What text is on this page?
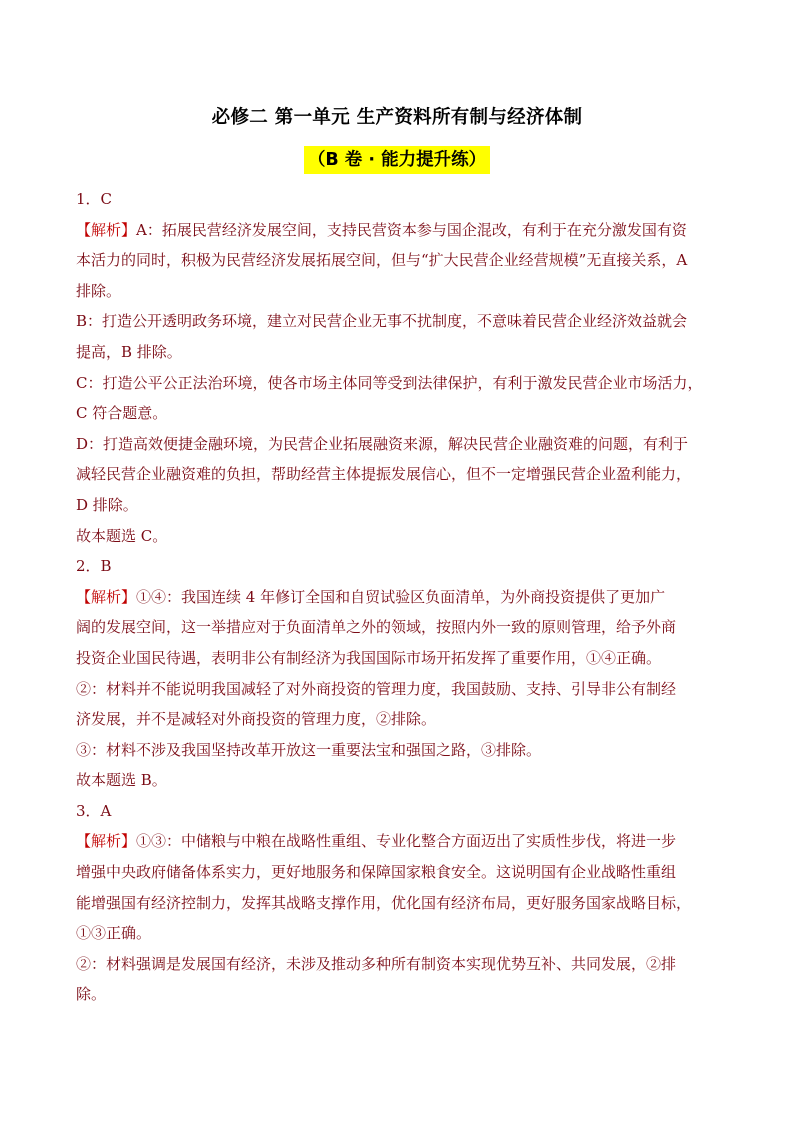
必修二 第一单元 生产资料所有制与经济体制
（B 卷 · 能力提升练）
1．C
【解析】A：拓展民营经济发展空间，支持民营资本参与国企混改，有利于在充分激发国有资
本活力的同时，积极为民营经济发展拓展空间，但与“扩大民营企业经营规模”无直接关系，A
排除。
B：打造公开透明政务环境，建立对民营企业无事不扰制度，不意味着民营企业经济效益就会
提高，B 排除。
C：打造公平公正法治环境，使各市场主体同等受到法律保护，有利于激发民营企业市场活力，
C 符合题意。
D：打造高效便捷金融环境，为民营企业拓展融资来源，解决民营企业融资难的问题，有利于
减轻民营企业融资难的负担，帮助经营主体提振发展信心，但不一定增强民营企业盈利能力，
D 排除。
故本题选 C。
2．B
【解析】①④：我国连续 4 年修订全国和自贸试验区负面清单，为外商投资提供了更加广
阔的发展空间，这一举措应对于负面清单之外的领域，按照内外一致的原则管理，给予外商
投资企业国民待遇，表明非公有制经济为我国国际市场开拓发挥了重要作用，①④正确。
②：材料并不能说明我国减轻了对外商投资的管理力度，我国鼓励、支持、引导非公有制经
济发展，并不是减轻对外商投资的管理力度，②排除。
③：材料不涉及我国坚持改革开放这一重要法宝和强国之路，③排除。
故本题选 B。
3．A
【解析】①③：中储粮与中粮在战略性重组、专业化整合方面迈出了实质性步伐，将进一步
增强中央政府储备体系实力，更好地服务和保障国家粮食安全。这说明国有企业战略性重组
能增强国有经济控制力，发挥其战略支撑作用，优化国有经济布局，更好服务国家战略目标，
①③正确。
②：材料强调是发展国有经济，未涉及推动多种所有制资本实现优势互补、共同发展，②排
除。
